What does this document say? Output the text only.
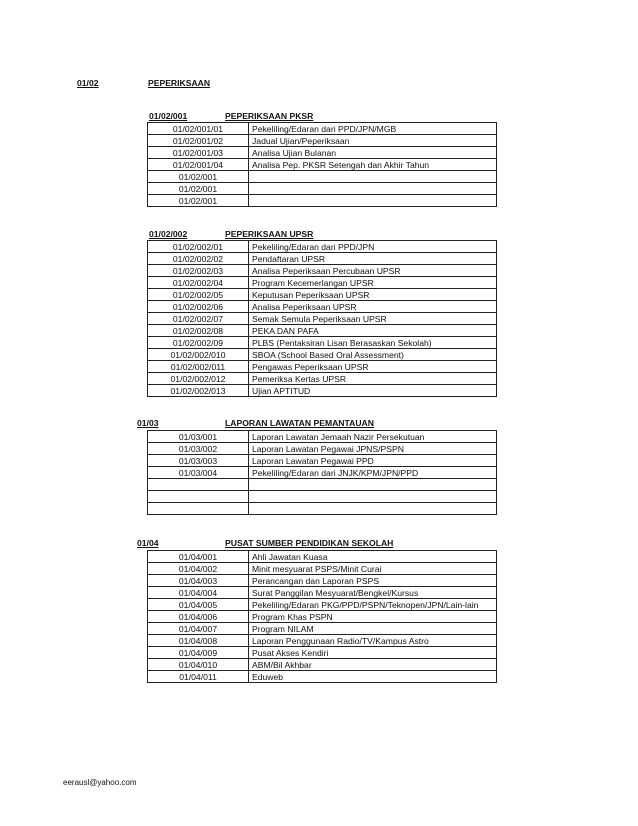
01/02	PEPERIKSAAN
01/02/001	PEPERIKSAAN PKSR
01/02/001/01	Pekeliling/Edaran dari PPD/JPN/MGB
01/02/001/02	Jadual Ujian/Peperiksaan
01/02/001/03	Analisa Ujian Bulanan
01/02/001/04	Analisa Pep. PKSR Setengah dan Akhir Tahun
01/02/001	
01/02/001	
01/02/001	
01/02/002	PEPERIKSAAN UPSR
01/02/002/01	Pekeliling/Edaran dari PPD/JPN
01/02/002/02	Pendaftaran UPSR
01/02/002/03	Analisa Peperiksaan Percubaan UPSR
01/02/002/04	Program Kecemerlangan UPSR
01/02/002/05	Keputusan Peperiksaan UPSR
01/02/002/06	Analisa Peperiksaan UPSR
01/02/002/07	Semak Semula Peperiksaan UPSR
01/02/002/08	PEKA DAN PAFA
01/02/002/09	PLBS (Pentaksiran Lisan Berasaskan Sekolah)
01/02/002/010	SBOA (School Based Oral Assessment)
01/02/002/011	Pengawas Peperiksaan UPSR
01/02/002/012	Pemeriksa Kertas UPSR
01/02/002/013	Ujian APTITUD
01/03	LAPORAN LAWATAN PEMANTAUAN
01/03/001	Laporan Lawatan Jemaah Nazir Persekutuan
01/03/002	Laporan Lawatan Pegawai JPNS/PSPN
01/03/003	Laporan Lawatan Pegawai PPD
01/03/004	Pekeliling/Edaran dari JNJK/KPM/JPN/PPD

01/04	PUSAT SUMBER PENDIDIKAN SEKOLAH
01/04/001	Ahli Jawatan Kuasa
01/04/002	Minit mesyuarat PSPS/Minit Curai
01/04/003	Perancangan dan Laporan PSPS
01/04/004	Surat Panggilan Mesyuarat/Bengkel/Kursus
01/04/005	Pekeliling/Edaran PKG/PPD/PSPN/Teknopen/JPN/Lain-lain
01/04/006	Program Khas PSPN
01/04/007	Program NILAM
01/04/008	Laporan Penggunaan Radio/TV/Kampus Astro
01/04/009	Pusat Akses Kendiri
01/04/010	ABM/Bil Akhbar
01/04/011	Eduweb
eerausl@yahoo.com
